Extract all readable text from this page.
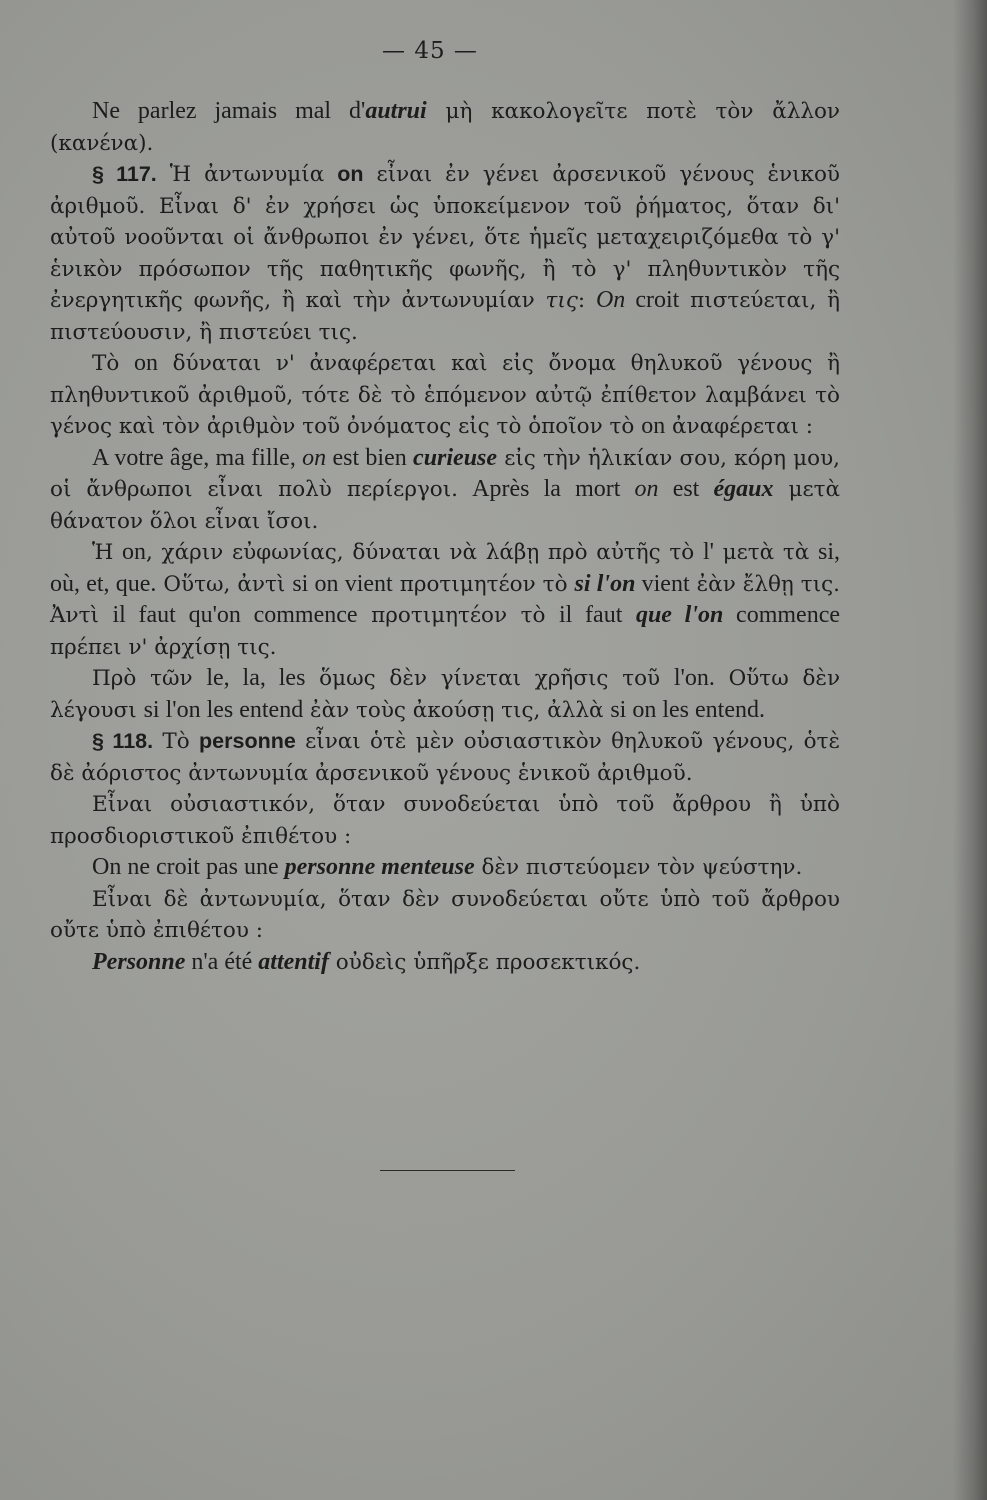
— 45 —

Ne parlez jamais mal d'autrui μὴ κακολογεῖτε ποτὲ τὸν ἄλλον (κανένα).

§ 117. Ἡ ἀντωνυμία on εἶναι ἐν γένει ἀρσενικοῦ γένους ἑνικοῦ ἀριθμοῦ. Εἶναι δ' ἐν χρήσει ὡς ὑποκείμενον τοῦ ῥήματος, ὅταν δι' αὐτοῦ νοοῦνται οἱ ἄνθρωποι ἐν γένει, ὅτε ἡμεῖς μεταχειριζόμεθα τὸ γ' ἑνικὸν πρόσωπον τῆς παθητικῆς φωνῆς, ἢ τὸ γ' πληθυντικὸν τῆς ἐνεργητικῆς φωνῆς, ἢ καὶ τὴν ἀντωνυμίαν τις: On croit πιστεύεται, ἢ πιστεύουσιν, ἢ πιστεύει τις.

Τὸ on δύναται ν' ἀναφέρεται καὶ εἰς ὄνομα θηλυκοῦ γένους ἢ πληθυντικοῦ ἀριθμοῦ, τότε δὲ τὸ ἑπόμενον αὐτῷ ἐπίθετον λαμβάνει τὸ γένος καὶ τὸν ἀριθμὸν τοῦ ὀνόματος εἰς τὸ ὁποῖον τὸ on ἀναφέρεται :

A votre âge, ma fille, on est bien curieuse εἰς τὴν ἡλικίαν σου, κόρη μου, οἱ ἄνθρωποι εἶναι πολὺ περίεργοι. Après la mort on est égaux μετὰ θάνατον ὅλοι εἶναι ἴσοι.

Ἡ on, χάριν εὐφωνίας, δύναται νὰ λάβῃ πρὸ αὐτῆς τὸ l' μετὰ τὰ si, où, et, que. Οὕτω, ἀντὶ si on vient προτιμητέον τὸ si l'on vient ἐὰν ἔλθῃ τις. Ἀντὶ il faut qu'on commence προτιμητέον τὸ il faut que l'on commence πρέπει ν' ἀρχίσῃ τις.

Πρὸ τῶν le, la, les ὅμως δὲν γίνεται χρῆσις τοῦ l'on. Οὕτω δὲν λέγουσι si l'on les entend ἐὰν τοὺς ἀκούσῃ τις, ἀλλὰ si on les entend.

§ 118. Τὸ personne εἶναι ὁτὲ μὲν οὐσιαστικὸν θηλυκοῦ γένους, ὁτὲ δὲ ἀόριστος ἀντωνυμία ἀρσενικοῦ γένους ἑνικοῦ ἀριθμοῦ.

Εἶναι οὐσιαστικόν, ὅταν συνοδεύεται ὑπὸ τοῦ ἄρθρου ἢ ὑπὸ προσδιοριστικοῦ ἐπιθέτου :

On ne croit pas une personne menteuse δὲν πιστεύομεν τὸν ψεύστην.

Εἶναι δὲ ἀντωνυμία, ὅταν δὲν συνοδεύεται οὔτε ὑπὸ τοῦ ἄρθρου οὔτε ὑπὸ ἐπιθέτου :

Personne n'a été attentif οὐδεὶς ὑπῆρξε προσεκτικός.
